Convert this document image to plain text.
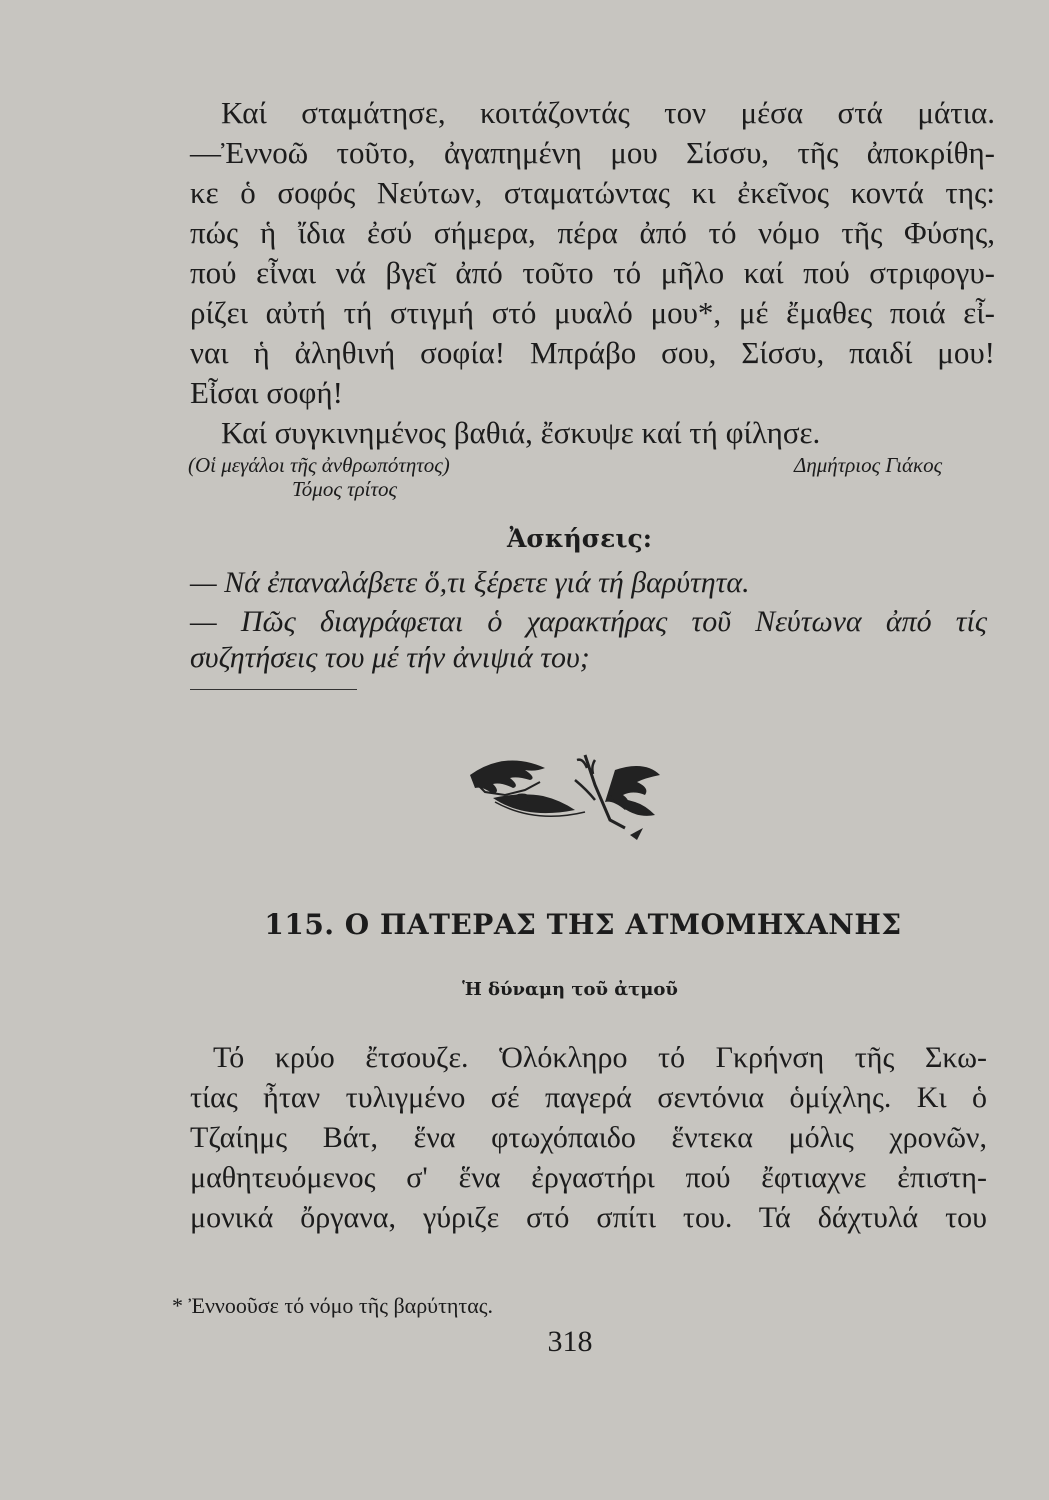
Καί σταμάτησε, κοιτάζοντάς τον μέσα στά μάτια.
—Ἐννοῶ τοῦτο, ἀγαπημένη μου Σίσσυ, τῆς ἀποκρίθη-
κε ὁ σοφός Νεύτων, σταματώντας κι ἐκεῖνος κοντά της:
πώς ἡ ἴδια ἐσύ σήμερα, πέρα ἀπό τό νόμο τῆς Φύσης,
πού εἶναι νά βγεῖ ἀπό τοῦτο τό μῆλο καί πού στριφογυ-
ρίζει αὐτή τή στιγμή στό μυαλό μου*, μέ ἔμαθες ποιά εἶ-
ναι ἡ ἀληθινή σοφία! Μπράβο σου, Σίσσυ, παιδί μου!
Εἶσαι σοφή!
Καί συγκινημένος βαθιά, ἔσκυψε καί τή φίλησε.
(Οἱ μεγάλοι τῆς ἀνθρωπότητος)	Δημήτριος Γιάκος
Τόμος τρίτος
Ἀσκήσεις:
— Νά ἐπαναλάβετε ὅ,τι ξέρετε γιά τή βαρύτητα.
— Πῶς διαγράφεται ὁ χαρακτήρας τοῦ Νεύτωνα ἀπό τίς
συζητήσεις του μέ τήν ἀνιψιά του;
115. Ο ΠΑΤΕΡΑΣ ΤΗΣ ΑΤΜΟΜΗΧΑΝΗΣ
Ἡ δύναμη τοῦ ἀτμοῦ
Τό κρύο ἔτσουζε. Ὁλόκληρο τό Γκρήνση τῆς Σκω-
τίας ἦταν τυλιγμένο σέ παγερά σεντόνια ὁμίχλης. Κι ὁ
Τζαίημς Βάτ, ἕνα φτωχόπαιδο ἕντεκα μόλις χρονῶν,
μαθητευόμενος σ' ἕνα ἐργαστήρι πού ἔφτιαχνε ἐπιστη-
μονικά ὄργανα, γύριζε στό σπίτι του. Τά δάχτυλά του
* Ἐννοοῦσε τό νόμο τῆς βαρύτητας.
318
